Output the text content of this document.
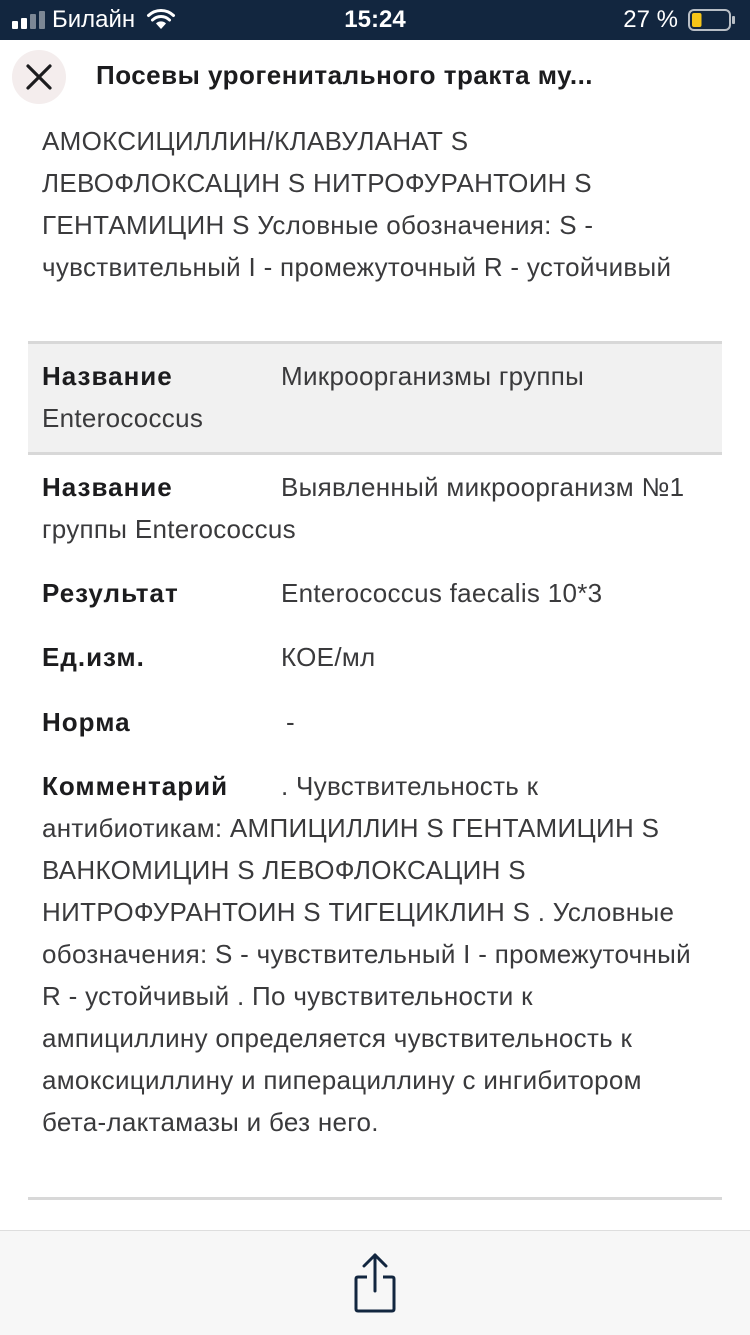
Билайн	15:24	27 %
Посевы урогенитального тракта му...
АМОКСИЦИЛЛИН/КЛАВУЛАНАТ S ЛЕВОФЛОКСАЦИН S НИТРОФУРАНТОИН S ГЕНТАМИЦИН S Условные обозначения: S - чувствительный I - промежуточный R - устойчивый
Название	Микроорганизмы группы Enterococcus
Название	Выявленный микроорганизм №1 группы Enterococcus
Результат	Enterococcus faecalis 10*3
Ед.изм.	КОЕ/мл
Норма	-
Комментарий . Чувствительность к антибиотикам: АМПИЦИЛЛИН S ГЕНТАМИЦИН S ВАНКОМИЦИН S ЛЕВОФЛОКСАЦИН S НИТРОФУРАНТОИН S ТИГЕЦИКЛИН S . Условные обозначения: S - чувствительный I - промежуточный R - устойчивый . По чувствительности к ампициллину определяется чувствительность к амоксициллину и пиперациллину с ингибитором бета-лактамазы и без него.
